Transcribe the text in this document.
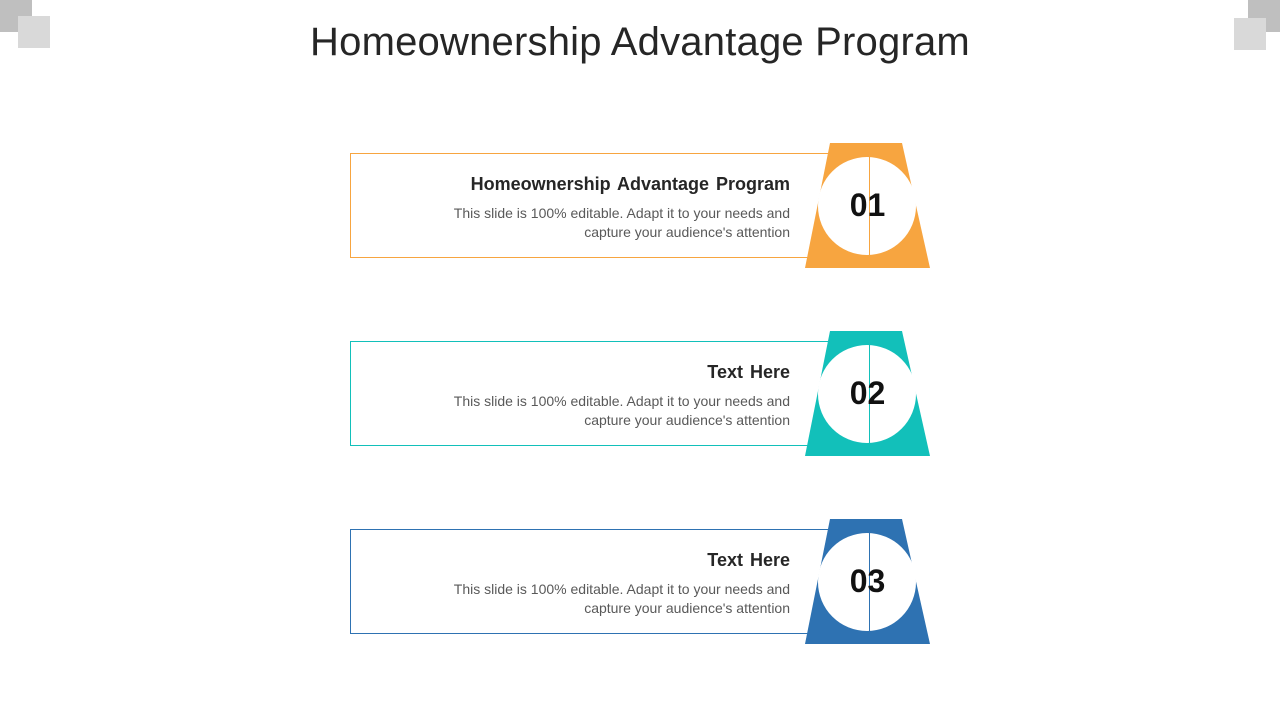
Homeownership Advantage Program
Homeownership Advantage Program
This slide is 100% editable. Adapt it to your needs and capture your audience's attention
01
Text Here
This slide is 100% editable. Adapt it to your needs and capture your audience's attention
02
Text Here
This slide is 100% editable. Adapt it to your needs and capture your audience's attention
03
